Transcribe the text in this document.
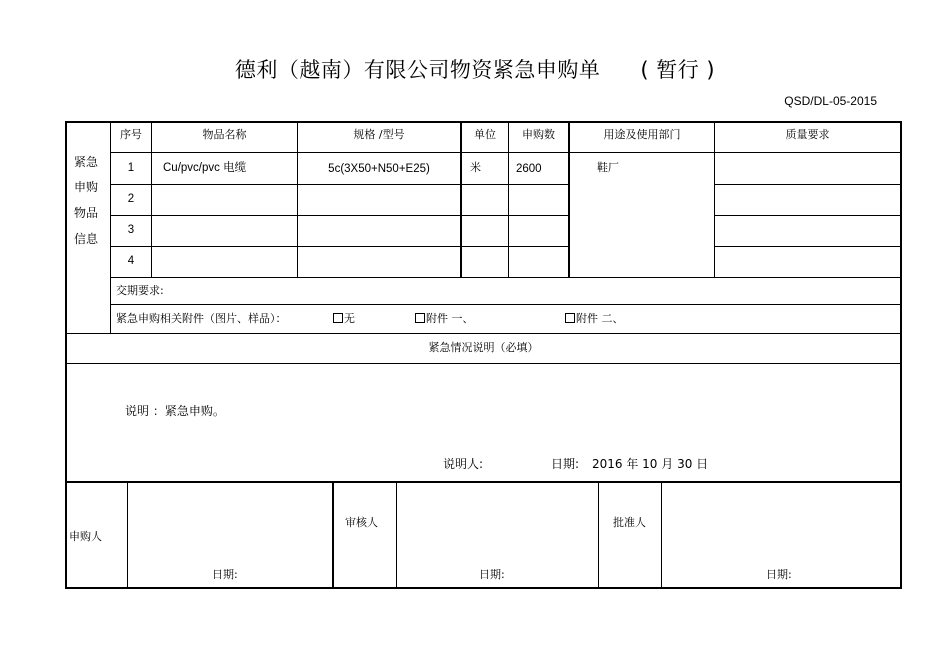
德利（越南）有限公司物资紧急申购单 ( 暂行 )
QSD/DL-05-2015
紧急
申购
物品
信息
序号	物品名称	规格 /型号	单位	申购数	用途及使用部门	质量要求
1	Cu/pvc/pvc 电缆	5c(3X50+N50+E25)	米	2600	鞋厂
2
3
4
交期要求:
紧急申购相关附件（图片、样品）：	无	附件 一、	附件 二、
紧急情况说明（必填）
说明 ：紧急申购。
说明人:	日期: 2016 年 10 月 30 日
申购人
日期:
审核人
日期:
批准人
日期:
